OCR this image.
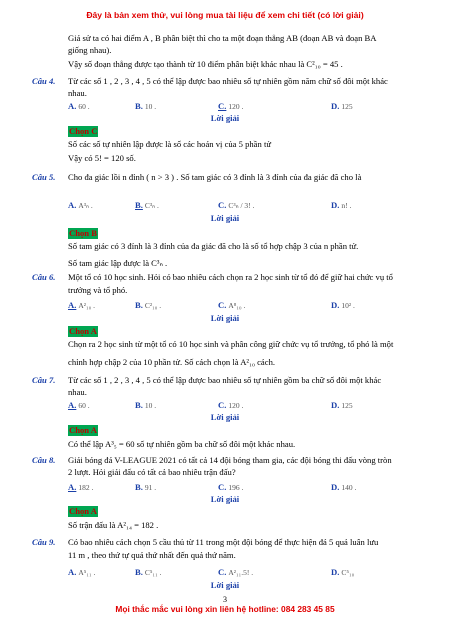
Đây là bản xem thử, vui lòng mua tài liệu để xem chi tiết (có lời giải)
Giả sử ta có hai điểm A , B phân biệt thì cho ta một đoạn thẳng AB (đoạn AB và đoạn BA
giống nhau).
Vậy số đoạn thẳng được tạo thành từ 10 điểm phân biệt khác nhau là C²₁₀ = 45 .
Câu 4. Từ các số 1 , 2 , 3 , 4 , 5 có thể lập được bao nhiêu số tự nhiên gồm năm chữ số đôi một khác
nhau.
A. 60 .	B. 10 .	C. 120 .	D. 125
Lời giải
Chọn C
Số các số tự nhiên lập được là số các hoán vị của 5 phần tử
Vậy có 5! = 120 số.
Câu 5. Cho đa giác lồi n đỉnh ( n > 3 ) . Số tam giác có 3 đỉnh là 3 đỉnh của đa giác đã cho là
A. A³ₙ .	B. C³ₙ .	C. C³ₙ / 3! .	D. n! .
Lời giải
Chọn B
Số tam giác có 3 đỉnh là 3 đỉnh của đa giác đã cho là số tổ hợp chập 3 của n phần tử.
Số tam giác lập được là C³ₙ .
Câu 6. Một tổ có 10 học sinh. Hỏi có bao nhiêu cách chọn ra 2 học sinh từ tổ đó để giữ hai chức vụ tổ
trưởng và tổ phó.
A. A²₁₀ .	B. C²₁₀ .	C. A⁸₁₀ .	D. 10² .
Lời giải
Chọn A
Chọn ra 2 học sinh từ một tổ có 10 học sinh và phân công giữ chức vụ tổ trưởng, tổ phó là một
chỉnh hợp chập 2 của 10 phần tử. Số cách chọn là A²₁₀ cách.
Câu 7. Từ các số 1 , 2 , 3 , 4 , 5 có thể lập được bao nhiêu số tự nhiên gồm ba chữ số đôi một khác
nhau.
A. 60 .	B. 10 .	C. 120 .	D. 125
Lời giải
Chọn A
Có thể lập A³₅ = 60 số tự nhiên gồm ba chữ số đôi một khác nhau.
Câu 8. Giải bóng đá V-LEAGUE 2021 có tất cả 14 đội bóng tham gia, các đội bóng thi đấu vòng tròn
2 lượt. Hỏi giải đấu có tất cả bao nhiêu trận đấu?
A. 182 .	B. 91 .	C. 196 .	D. 140 .
Lời giải
Chọn A
Số trận đấu là A²₁₄ = 182 .
Câu 9. Có bao nhiêu cách chọn 5 cầu thủ từ 11 trong một đội bóng để thực hiện đá 5 quả luân lưu
11 m , theo thứ tự quả thứ nhất đến quả thứ năm.
A. A⁵₁₁ .	B. C⁵₁₁ .	C. A²₁₁.5! .	D. C⁵₁₀
Lời giải
3
Mọi thắc mắc vui lòng xin liên hệ hotline: 084 283 45 85
